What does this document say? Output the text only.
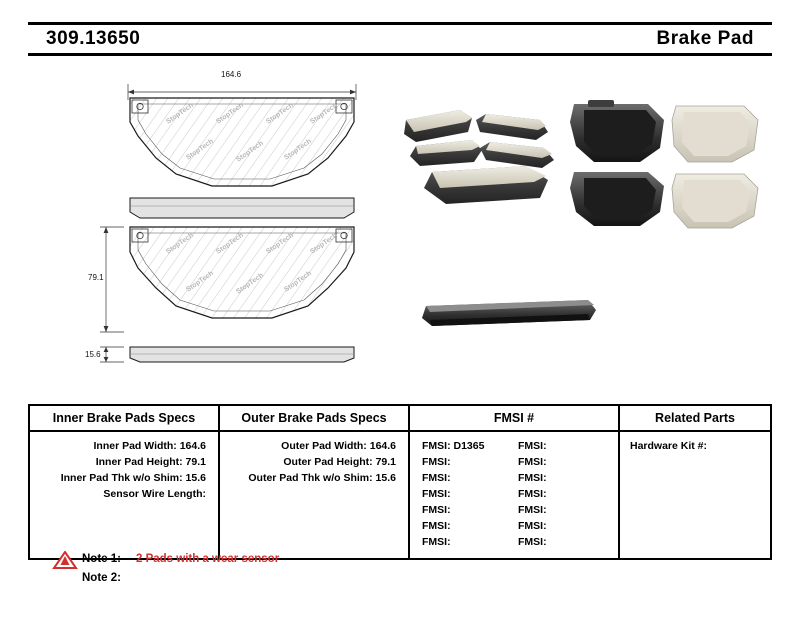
309.13650	Brake Pad
StopTech	StopTech	StopTech StopTech
StopTech	StopTech	StopTech
StopTech	StopTech	StopTech StopTech
StopTech	StopTech	StopTech
164.6
79.1
15.6
Inner Brake Pads Specs	Outer Brake Pads Specs	FMSI #	Related Parts
Inner Pad Width: 164.6
Inner Pad Height: 79.1
Inner Pad Thk w/o Shim: 15.6
Sensor Wire Length:
Outer Pad Width: 164.6
Outer Pad Height: 79.1
Outer Pad Thk w/o Shim: 15.6
FMSI: D1365
FMSI:
FMSI:
FMSI:
FMSI:
FMSI:
FMSI:
FMSI:
FMSI:
FMSI:
FMSI:
FMSI:
FMSI:
FMSI:
Hardware Kit #:
Note 1:	2 Pads with a wear sensor
Note 2:
